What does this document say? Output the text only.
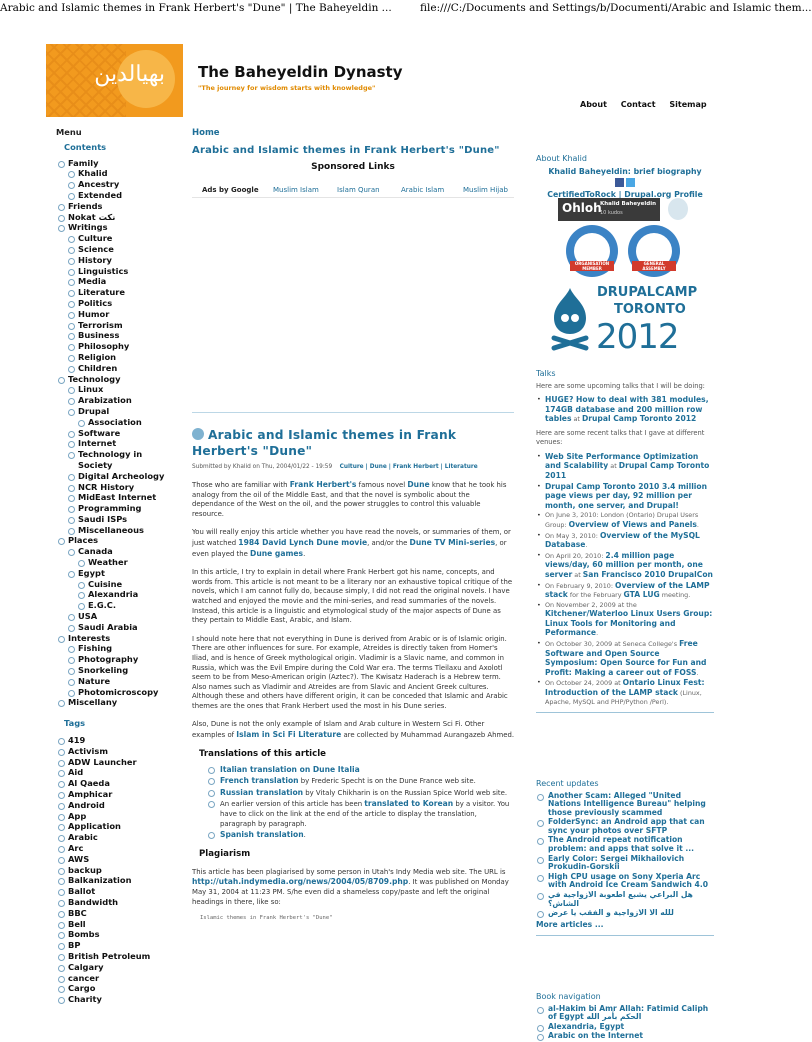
Arabic and Islamic themes in Frank Herbert's "Dune" | The Baheyeldin ...	file:///C:/Documents and Settings/b/Documenti/Arabic and Islamic them...
بهيالدين The Baheyeldin Dynasty
"The journey for wisdom starts with knowledge"
About Contact Sitemap
Menu
Contents
Family
Khalid
Ancestry
Extended
Friends
Nokat نكت
Writings
Culture
Science
History
Linguistics
Media
Literature
Politics
Humor
Terrorism
Business
Philosophy
Religion
Children
Technology
Linux
Arabization
Drupal
Association
Software
Internet
Technology in Society
Digital Archeology
NCR History
MidEast Internet
Programming
Saudi ISPs
Miscellaneous
Places
Canada
Weather
Egypt
Cuisine
Alexandria
E.G.C.
USA
Saudi Arabia
Interests
Fishing
Photography
Snorkeling
Nature
Photomicroscopy
Miscellany
Tags
419
Activism
ADW Launcher
Aid
Al Qaeda
Amphicar
Android
App
Application
Arabic
Arc
AWS
backup
Balkanization
Ballot
Bandwidth
BBC
Bell
Bombs
BP
British Petroleum
Calgary
cancer
Cargo
Charity
Home
Arabic and Islamic themes in Frank Herbert's "Dune"
Sponsored Links
Ads by Google Muslim Islam	Islam Quran	Arabic Islam	Muslim Hijab
Arabic and Islamic themes in Frank Herbert's "Dune"
Submitted by Khalid on Thu, 2004/01/22 - 19:59 Culture | Dune | Frank Herbert | Literature
Those who are familiar with Frank Herbert's famous novel Dune know that he took his analogy from the oil of the Middle East, and that the novel is symbolic about the dependance of the West on the oil, and the power struggles to control this valuable resource.
You will really enjoy this article whether you have read the novels, or summaries of them, or just watched 1984 David Lynch Dune movie, and/or the Dune TV Mini-series, or even played the Dune games.
In this article, I try to explain in detail where Frank Herbert got his name, concepts, and words from. This article is not meant to be a literary nor an exhaustive topical critique of the novels, which I am cannot fully do, because simply, I did not read the original novels. I have watched and enjoyed the movie and the mini-series, and read summaries of the novels. Instead, this article is a linguistic and etymological study of the major aspects of Dune as they pertain to Middle East, Arabic, and Islam.
I should note here that not everything in Dune is derived from Arabic or is of Islamic origin. There are other influences for sure. For example, Atreides is directly taken from Homer's Iliad, and is hence of Greek mythological origin. Vladimir is a Slavic name, and common in Russia, which was the Evil Empire during the Cold War era. The terms Tleilaxu and Axolotl seem to be from Meso-American origin (Aztec?). The Kwisatz Haderach is a Hebrew term. Also names such as Vladimir and Atreides are from Slavic and Ancient Greek cultures. Although these and others have different origin, it can be conceded that Islamic and Arabic themes are the ones that Frank Herbert used the most in his Dune series.
Also, Dune is not the only example of Islam and Arab culture in Western Sci Fi. Other examples of Islam in Sci Fi Literature are collected by Muhammad Aurangazeb Ahmed.
Translations of this article
Italian translation on Dune Italia
French translation by Frederic Specht is on the Dune France web site.
Russian translation by Vitaly Chikharin is on the Russian Spice World web site.
An earlier version of this article has been translated to Korean by a visitor. You have to click on the link at the end of the article to display the translation, paragraph by paragraph.
Spanish translation.
Plagiarism
This article has been plagiarised by some person in Utah's Indy Media web site. The URL is http://utah.indymedia.org/news/2004/05/8709.php. It was published on Monday May 31, 2004 at 11:23 PM. S/he even did a shameless copy/paste and left the original headings in there, like so:
Islamic themes in Frank Herbert's "Dune"
About Khalid
Khalid Baheyeldin: brief biography

CertifiedToRock | Drupal.org Profile
Ohloh
Khalid Baheyeldin
10 kudos
ORGANISATION MEMBER
GENERAL ASSEMBLY
DRUPALCAMP
TORONTO
2012
Talks
Here are some upcoming talks that I will be doing:
• HUGE? How to deal with 381 modules, 174GB database and 200 million row tables at Drupal Camp Toronto 2012
Here are some recent talks that I gave at different venues:
• Web Site Performance Optimization and Scalability at Drupal Camp Toronto 2011
• Drupal Camp Toronto 2010 3.4 million page views per day, 92 million per month, one server, and Drupal!
• On June 3, 2010: London (Ontario) Drupal Users Group: Overview of Views and Panels.
• On May 3, 2010: Overview of the MySQL Database.
• On April 20, 2010: 2.4 million page views/day, 60 million per month, one server at San Francisco 2010 DrupalCon
• On February 9, 2010: Overview of the LAMP stack for the February GTA LUG meeting.
• On November 2, 2009 at the Kitchener/Waterloo Linux Users Group: Linux Tools for Monitoring and Peformance.
• On October 30, 2009 at Seneca College's Free Software and Open Source Symposium: Open Source for Fun and Profit: Making a career out of FOSS.
• On October 24, 2009 at Ontario Linux Fest: Introduction of the LAMP stack (Linux, Apache, MySQL and PHP/Python /Perl).
Recent updates
Another Scam: Alleged "United Nations Intelligence Bureau" helping those previously scammed
FolderSync: an Android app that can sync your photos over SFTP
The Android repeat notification problem: and apps that solve it ...
Early Color: Sergei Mikhailovich Prokudin-Gorskii
High CPU usage on Sony Xperia Arc with Android Ice Cream Sandwich 4.0
هل البراعي يشبع اطعوبة الازواجية في الشاش؟
للله الا الازواجية و الفقب يا عرض
More articles ...
Book navigation
al-Hakim bi Amr Allah: Fatimid Caliph of Egypt الحكم بأمر الله
Alexandria, Egypt
Arabic on the Internet
